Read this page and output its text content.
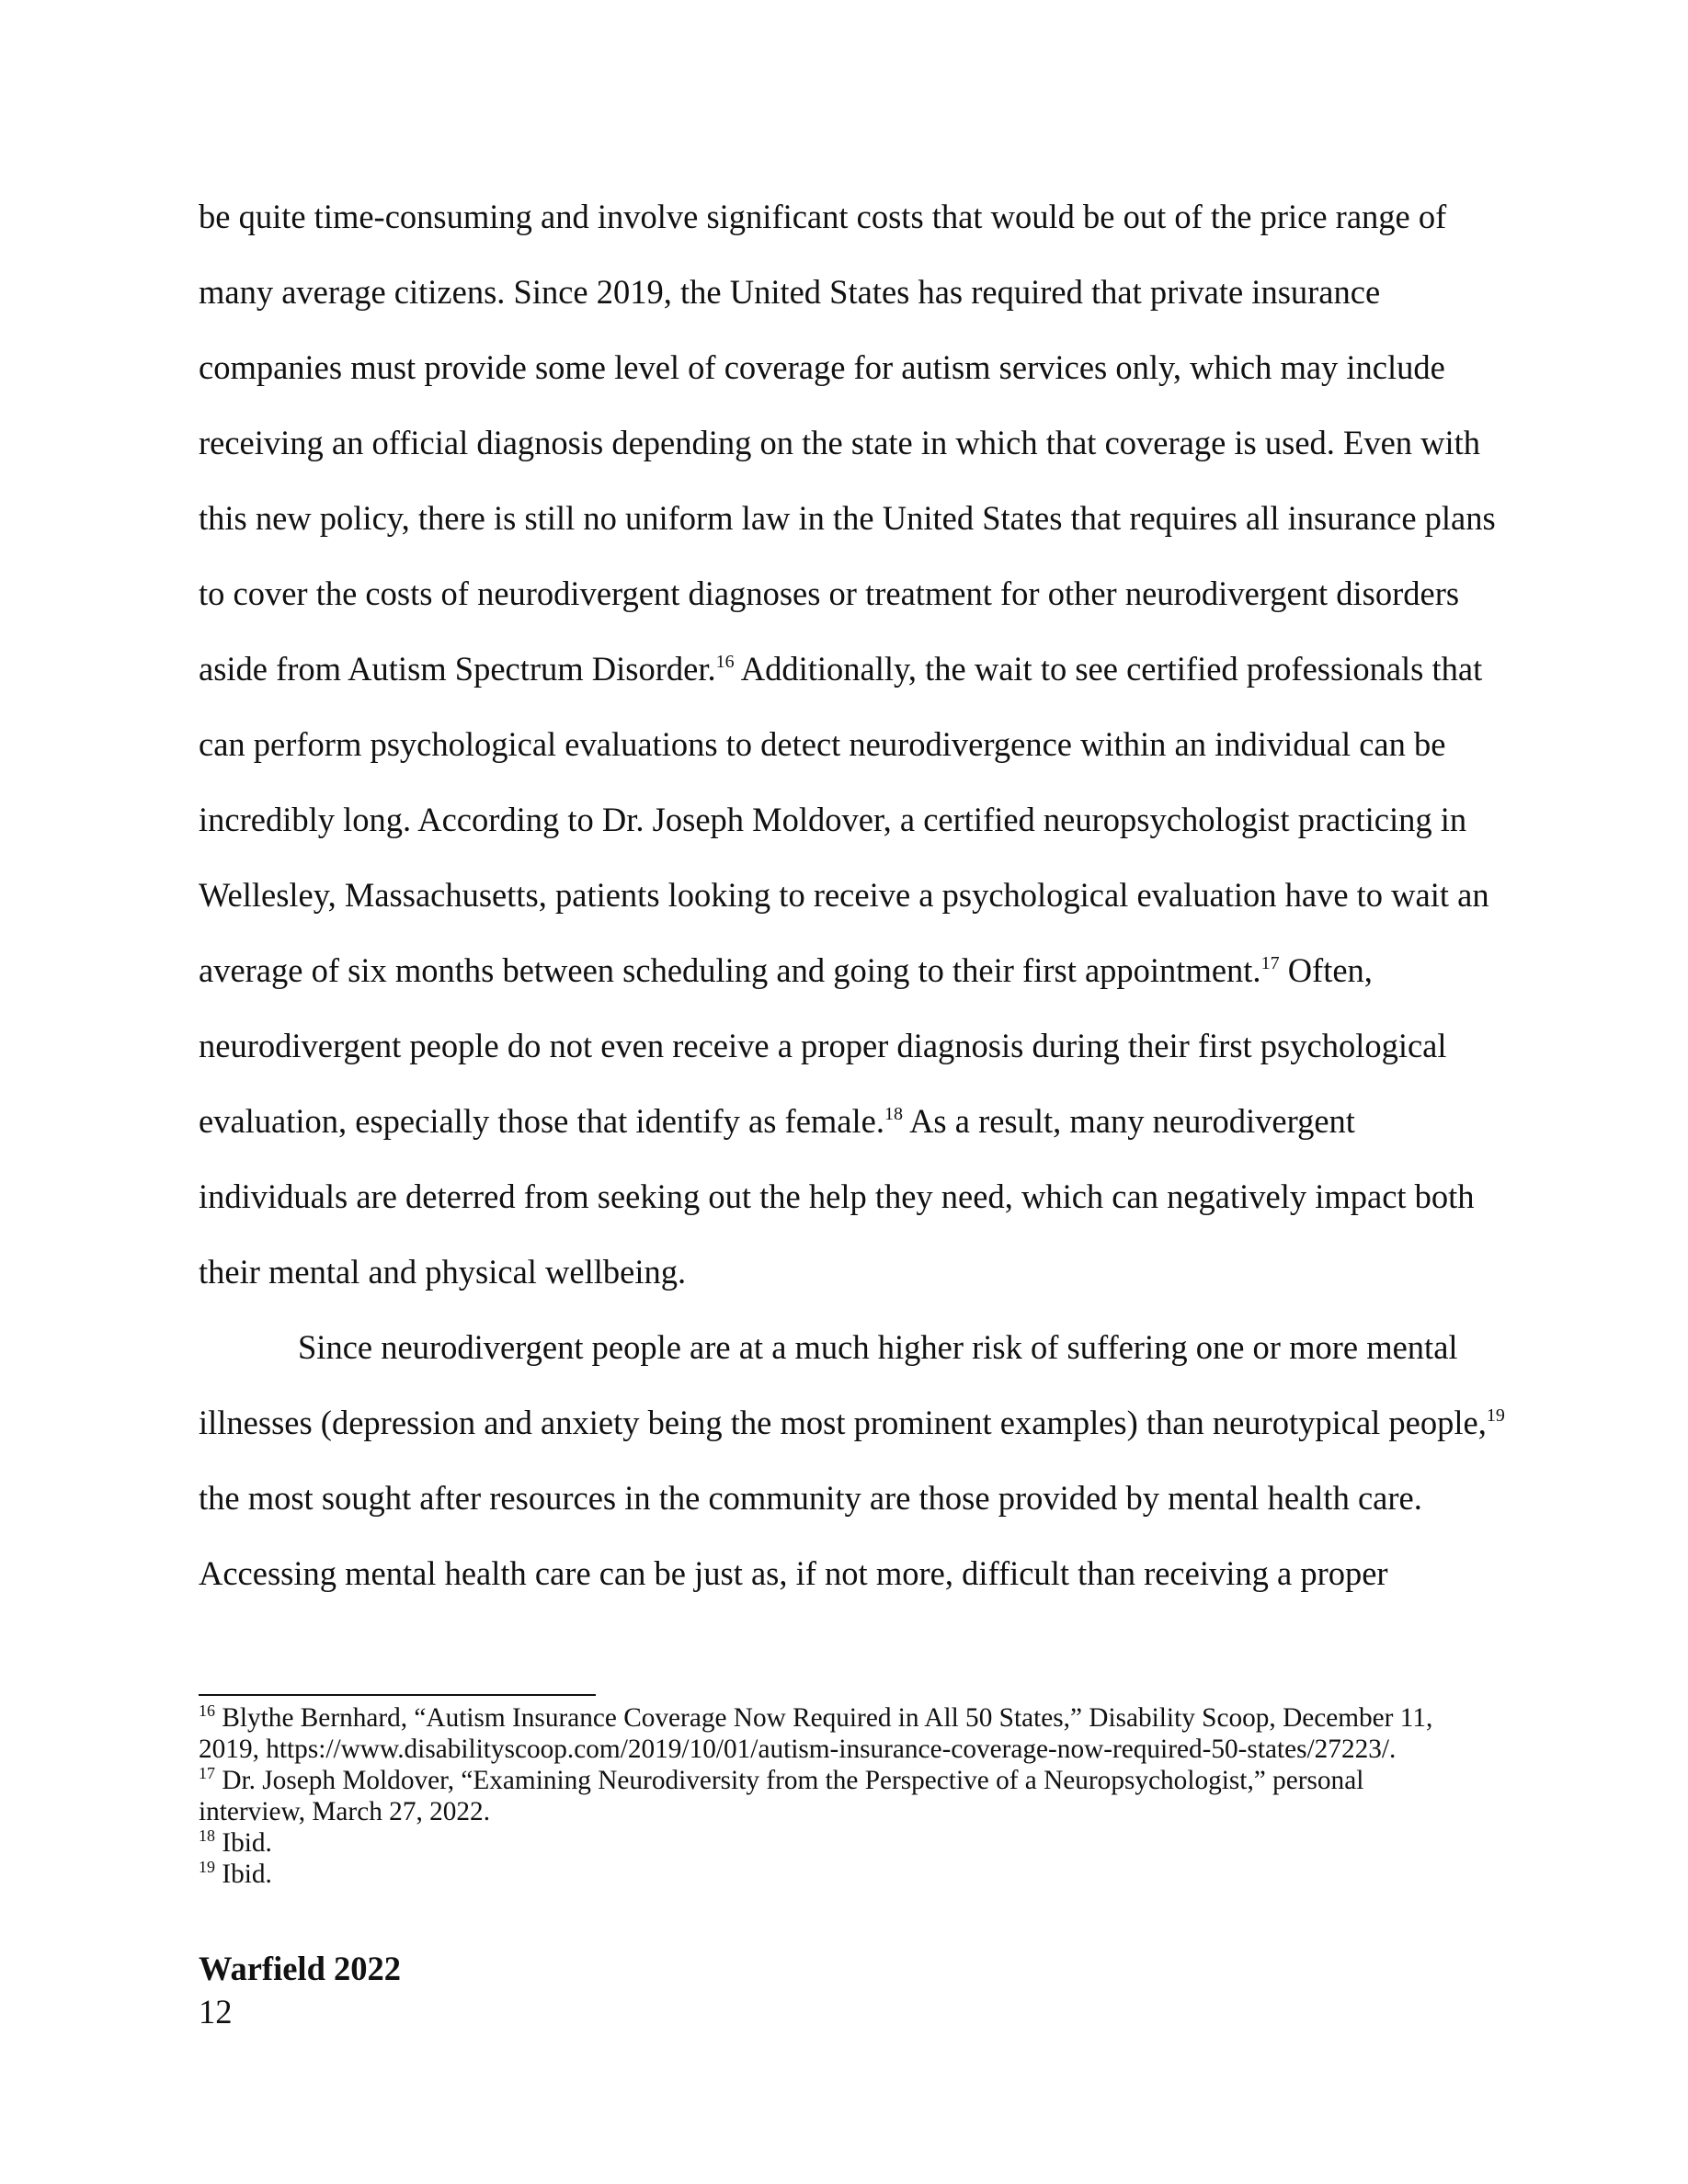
be quite time-consuming and involve significant costs that would be out of the price range of
many average citizens. Since 2019, the United States has required that private insurance
companies must provide some level of coverage for autism services only, which may include
receiving an official diagnosis depending on the state in which that coverage is used. Even with
this new policy, there is still no uniform law in the United States that requires all insurance plans
to cover the costs of neurodivergent diagnoses or treatment for other neurodivergent disorders
aside from Autism Spectrum Disorder.$^{16}$ Additionally, the wait to see certified professionals that
can perform psychological evaluations to detect neurodivergence within an individual can be
incredibly long. According to Dr. Joseph Moldover, a certified neuropsychologist practicing in
Wellesley, Massachusetts, patients looking to receive a psychological evaluation have to wait an
average of six months between scheduling and going to their first appointment.$^{17}$ Often,
neurodivergent people do not even receive a proper diagnosis during their first psychological
evaluation, especially those that identify as female.$^{18}$ As a result, many neurodivergent
individuals are deterred from seeking out the help they need, which can negatively impact both
their mental and physical wellbeing.
Since neurodivergent people are at a much higher risk of suffering one or more mental
illnesses (depression and anxiety being the most prominent examples) than neurotypical people,$^{19}$
the most sought after resources in the community are those provided by mental health care.
Accessing mental health care can be just as, if not more, difficult than receiving a proper
$^{16}$ Blythe Bernhard, “Autism Insurance Coverage Now Required in All 50 States,” Disability Scoop, December 11,
2019, https://www.disabilityscoop.com/2019/10/01/autism-insurance-coverage-now-required-50-states/27223/.
$^{17}$ Dr. Joseph Moldover, “Examining Neurodiversity from the Perspective of a Neuropsychologist,” personal
interview, March 27, 2022.
$^{18}$ Ibid.
$^{19}$ Ibid.
Warfield 2022
12
